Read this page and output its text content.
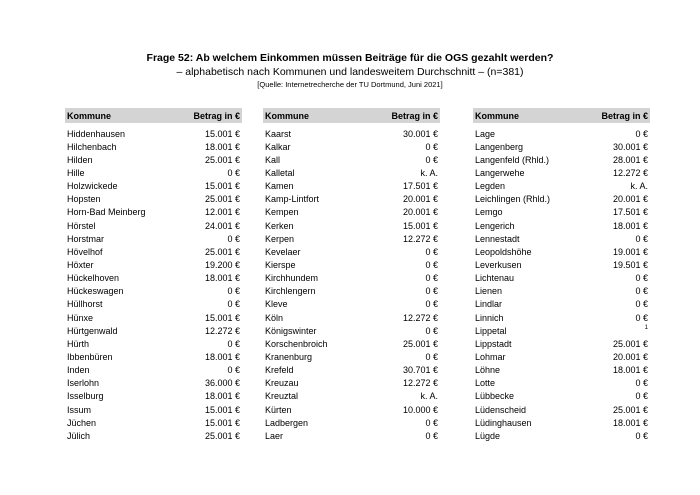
Frage 52: Ab welchem Einkommen müssen Beiträge für die OGS gezahlt werden?
– alphabetisch nach Kommunen und landesweitem Durchschnitt – (n=381)
[Quelle: Internetrecherche der TU Dortmund, Juni 2021]
Kommune	Betrag in €
Hiddenhausen	15.001 €
Hilchenbach	18.001 €
Hilden	25.001 €
Hille	0 €
Holzwickede	15.001 €
Hopsten	25.001 €
Horn-Bad Meinberg	12.001 €
Hörstel	24.001 €
Horstmar	0 €
Hövelhof	25.001 €
Höxter	19.200 €
Hückelhoven	18.001 €
Hückeswagen	0 €
Hüllhorst	0 €
Hünxe	15.001 €
Hürtgenwald	12.272 €
Hürth	0 €
Ibbenbüren	18.001 €
Inden	0 €
Iserlohn	36.000 €
Isselburg	18.001 €
Issum	15.001 €
Jüchen	15.001 €
Jülich	25.001 €
Kommune	Betrag in €
Kaarst	30.001 €
Kalkar	0 €
Kall	0 €
Kalletal	k. A.
Kamen	17.501 €
Kamp-Lintfort	20.001 €
Kempen	20.001 €
Kerken	15.001 €
Kerpen	12.272 €
Kevelaer	0 €
Kierspe	0 €
Kirchhundem	0 €
Kirchlengern	0 €
Kleve	0 €
Köln	12.272 €
Königswinter	0 €
Korschenbroich	25.001 €
Kranenburg	0 €
Krefeld	30.701 €
Kreuzau	12.272 €
Kreuztal	k. A.
Kürten	10.000 €
Ladbergen	0 €
Laer	0 €
Kommune	Betrag in €
Lage	0 €
Langenberg	30.001 €
Langenfeld (Rhld.)	28.001 €
Langerwehe	12.272 €
Legden	k. A.
Leichlingen (Rhld.)	20.001 €
Lemgo	17.501 €
Lengerich	18.001 €
Lennestadt	0 €
Leopoldshöhe	19.001 €
Leverkusen	19.501 €
Lichtenau	0 €
Lienen	0 €
Lindlar	0 €
Linnich	0 €
Lippetal	1
Lippstadt	25.001 €
Lohmar	20.001 €
Löhne	18.001 €
Lotte	0 €
Lübbecke	0 €
Lüdenscheid	25.001 €
Lüdinghausen	18.001 €
Lügde	0 €
